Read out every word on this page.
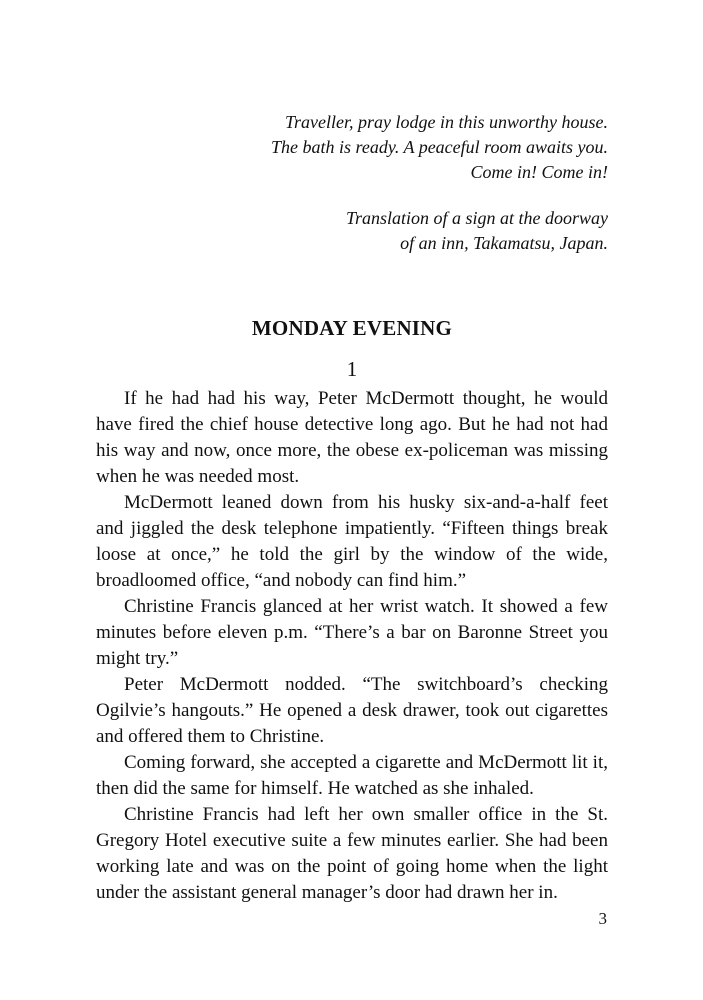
Traveller, pray lodge in this unworthy house.

The bath is ready. A peaceful room awaits you.

Come in! Come in!

Translation of a sign at the doorway

of an inn, Takamatsu, Japan.

MONDAY EVENING
1

If he had had his way, Peter McDermott thought, he would have fired the chief house detective long ago. But he had not had his way and now, once more, the obese ex-policeman was missing when he was needed most.

McDermott leaned down from his husky six-and-a-half feet and jiggled the desk telephone impatiently. “Fifteen things break loose at once,” he told the girl by the window of the wide, broadloomed office, “and nobody can find him.”

Christine Francis glanced at her wrist watch. It showed a few minutes before eleven p.m. “There’s a bar on Baronne Street you might try.”

Peter McDermott nodded. “The switchboard’s checking Ogilvie’s hangouts.” He opened a desk drawer, took out cigarettes and offered them to Christine.

Coming forward, she accepted a cigarette and McDermott lit it, then did the same for himself. He watched as she inhaled.

Christine Francis had left her own smaller office in the St. Gregory Hotel executive suite a few minutes earlier. She had been working late and was on the point of going home when the light under the assistant general manager’s door had drawn her in.

3
